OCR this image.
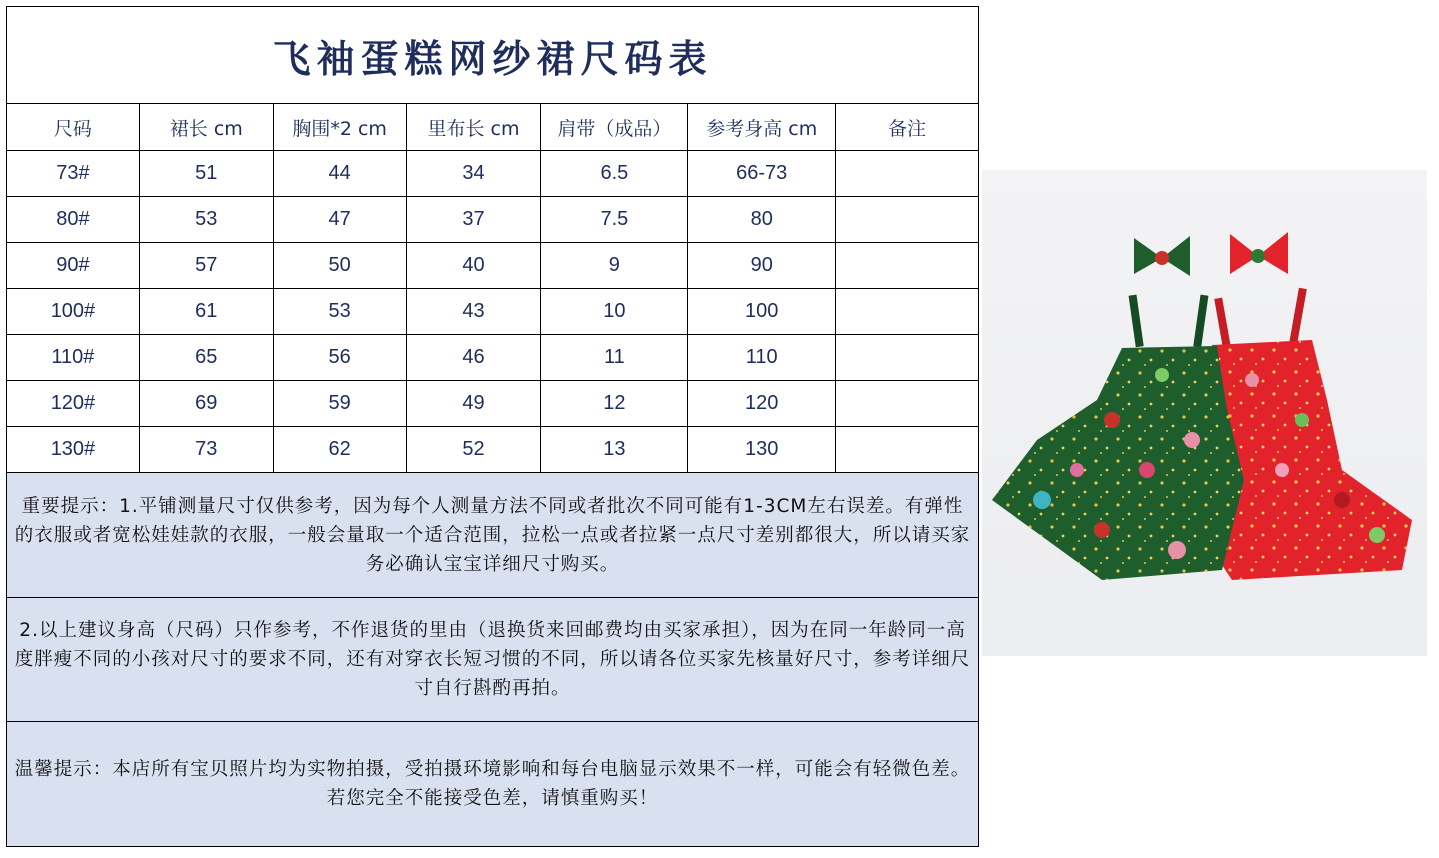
飞袖蛋糕网纱裙尺码表						
尺码	裙长 cm	胸围*2 cm	里布长 cm	肩带（成品）	参考身高 cm	备注
73#	51	44	34	6.5	66-73	
80#	53	47	37	7.5	80	
90#	57	50	40	9	90	
100#	61	53	43	10	100	
110#	65	56	46	11	110	
120#	69	59	49	12	120	
130#	73	62	52	13	130	
重要提示：1.平铺测量尺寸仅供参考，因为每个人测量方法不同或者批次不同可能有1-3CM左右误差。有弹性的衣服或者宽松娃娃款的衣服，一般会量取一个适合范围，拉松一点或者拉紧一点尺寸差别都很大，所以请买家务必确认宝宝详细尺寸购买。
2.以上建议身高（尺码）只作参考，不作退货的里由（退换货来回邮费均由买家承担），因为在同一年龄同一高度胖瘦不同的小孩对尺寸的要求不同，还有对穿衣长短习惯的不同，所以请各位买家先核量好尺寸，参考详细尺寸自行斟酌再拍。
温馨提示：本店所有宝贝照片均为实物拍摄，受拍摄环境影响和每台电脑显示效果不一样，可能会有轻微色差。若您完全不能接受色差，请慎重购买！
